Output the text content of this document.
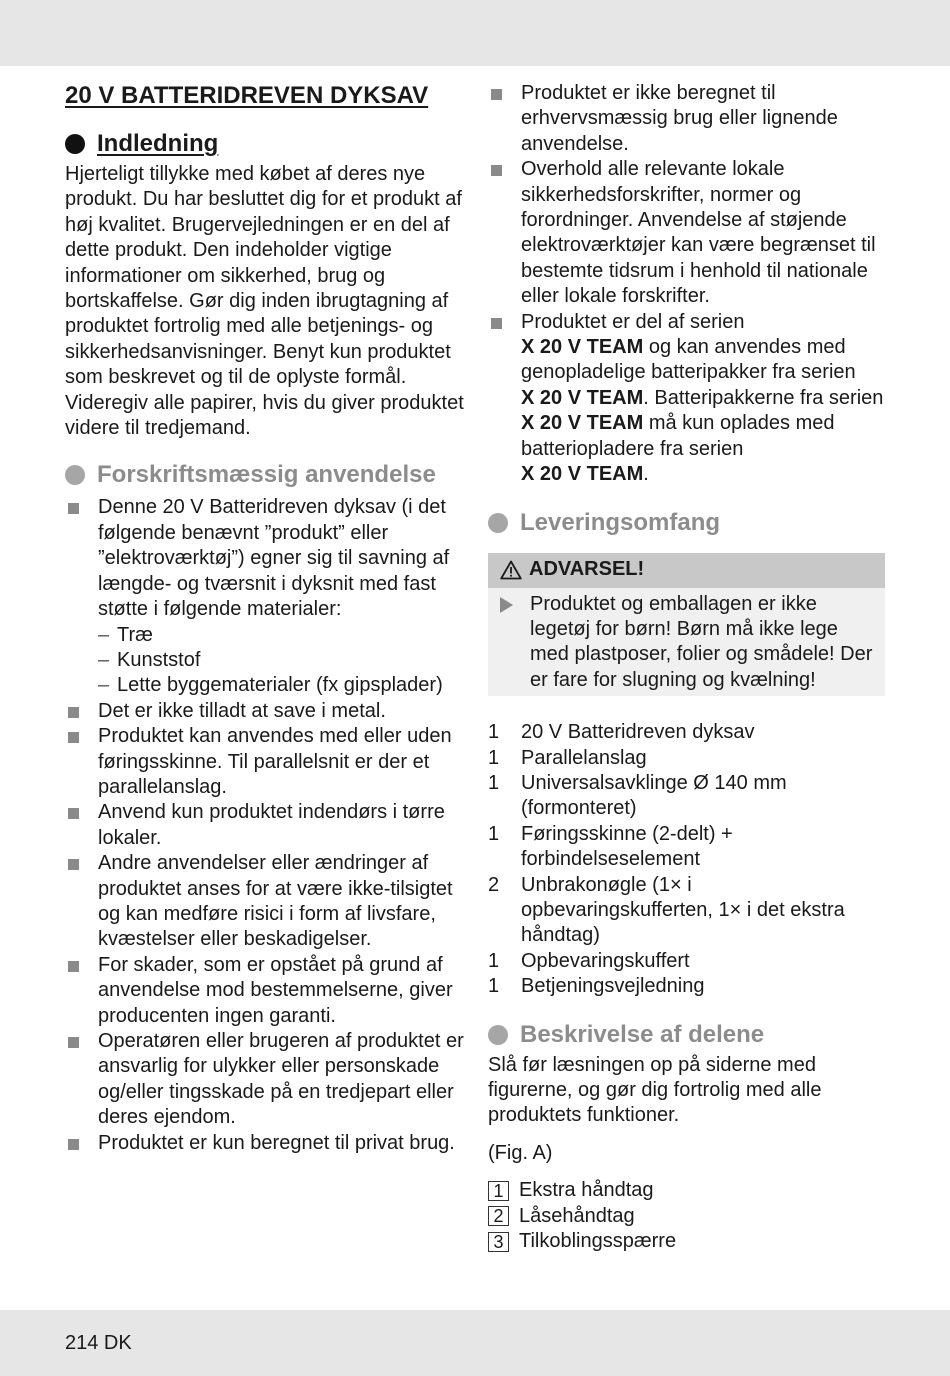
20 V BATTERIDREVEN DYKSAV
Indledning

Hjerteligt tillykke med købet af deres nye produkt. Du har besluttet dig for et produkt af høj kvalitet. Brugervejledningen er en del af dette produkt. Den indeholder vigtige informationer om sikkerhed, brug og bortskaffelse. Gør dig inden ibrugtagning af produktet fortrolig med alle betjenings- og sikkerhedsanvisninger. Benyt kun produktet som beskrevet og til de oplyste formål. Videregiv alle papirer, hvis du giver produktet videre til tredjemand.

Forskriftsmæssig anvendelse
Denne 20 V Batteridreven dyksav (i det følgende benævnt ”produkt” eller ”elektroværktøj”) egner sig til savning af længde- og tværsnit i dyksnit med fast støtte i følgende materialer:
– Træ
– Kunststof
– Lette byggematerialer (fx gipsplader)
Det er ikke tilladt at save i metal.
Produktet kan anvendes med eller uden føringsskinne. Til parallelsnit er der et parallelanslag.
Anvend kun produktet indendørs i tørre lokaler.
Andre anvendelser eller ændringer af produktet anses for at være ikke-tilsigtet og kan medføre risici i form af livsfare, kvæstelser eller beskadigelser.
For skader, som er opstået på grund af anvendelse mod bestemmelserne, giver producenten ingen garanti.
Operatøren eller brugeren af produktet er ansvarlig for ulykker eller personskade og/eller tingsskade på en tredjepart eller deres ejendom.
Produktet er kun beregnet til privat brug.
Produktet er ikke beregnet til erhvervsmæssig brug eller lignende anvendelse.
Overhold alle relevante lokale sikkerhedsforskrifter, normer og forordninger. Anvendelse af støjende elektroværktøjer kan være begrænset til bestemte tidsrum i henhold til nationale eller lokale forskrifter.
Produktet er del af serien
X 20 V TEAM og kan anvendes med genopladelige batteripakker fra serien
X 20 V TEAM. Batteripakkerne fra serien X 20 V TEAM må kun oplades med batteriopladere fra serien
X 20 V TEAM.
Leveringsomfang
ADVARSEL!
Produktet og emballagen er ikke legetøj for børn! Børn må ikke lege med plastposer, folier og smådele! Der er fare for slugning og kvælning!
1	20 V Batteridreven dyksav
1	Parallelanslag
1	Universalsavklinge Ø 140 mm (formonteret)
1	Føringsskinne (2-delt) + forbindelseselement
2	Unbrakonøgle (1× i opbevaringskufferten, 1× i det ekstra håndtag)
1	Opbevaringskuffert
1	Betjeningsvejledning
Beskrivelse af delene

Slå før læsningen op på siderne med figurerne, og gør dig fortrolig med alle produktets funktioner.

(Fig. A)

1 Ekstra håndtag
2 Låsehåndtag
3 Tilkoblingsspærre
214 DK
